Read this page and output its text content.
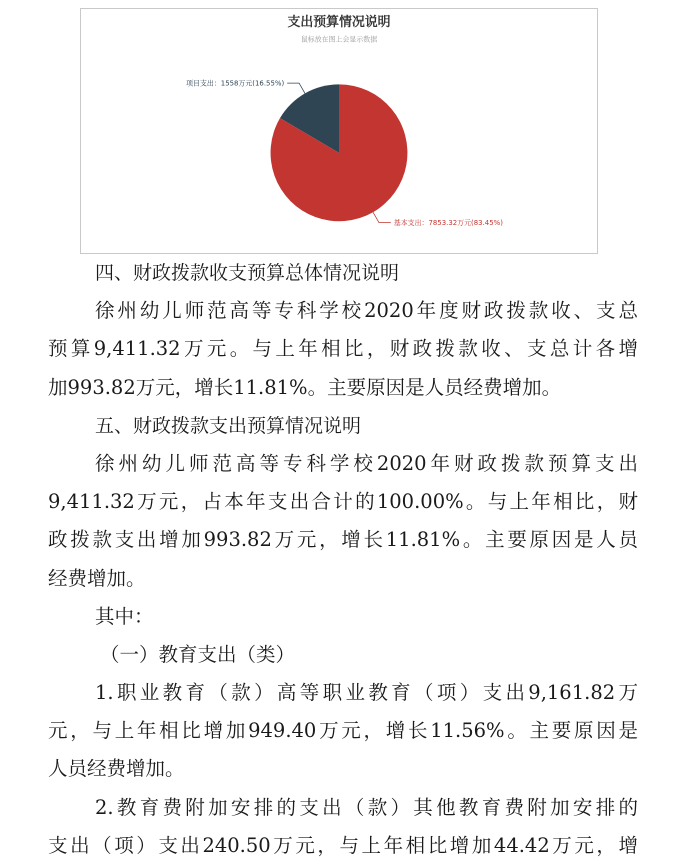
支出预算情况说明
鼠标放在图上会显示数据
项目支出：1558万元(16.55%)
基本支出：7853.32万元(83.45%)
四、财政拨款收支预算总体情况说明
徐州幼儿师范高等专科学校2020年度财政拨款收、支总
预算9,411.32万元。与上年相比，财政拨款收、支总计各增
加993.82万元，增长11.81%。主要原因是人员经费增加。
五、财政拨款支出预算情况说明
徐州幼儿师范高等专科学校2020年财政拨款预算支出
9,411.32万元，占本年支出合计的100.00%。与上年相比，财
政拨款支出增加993.82万元，增长11.81%。主要原因是人员
经费增加。
其中：
（一）教育支出（类）
1.职业教育（款）高等职业教育（项）支出9,161.82万
元，与上年相比增加949.40万元，增长11.56%。主要原因是
人员经费增加。
2.教育费附加安排的支出（款）其他教育费附加安排的
支出（项）支出240.50万元，与上年相比增加44.42万元，增
